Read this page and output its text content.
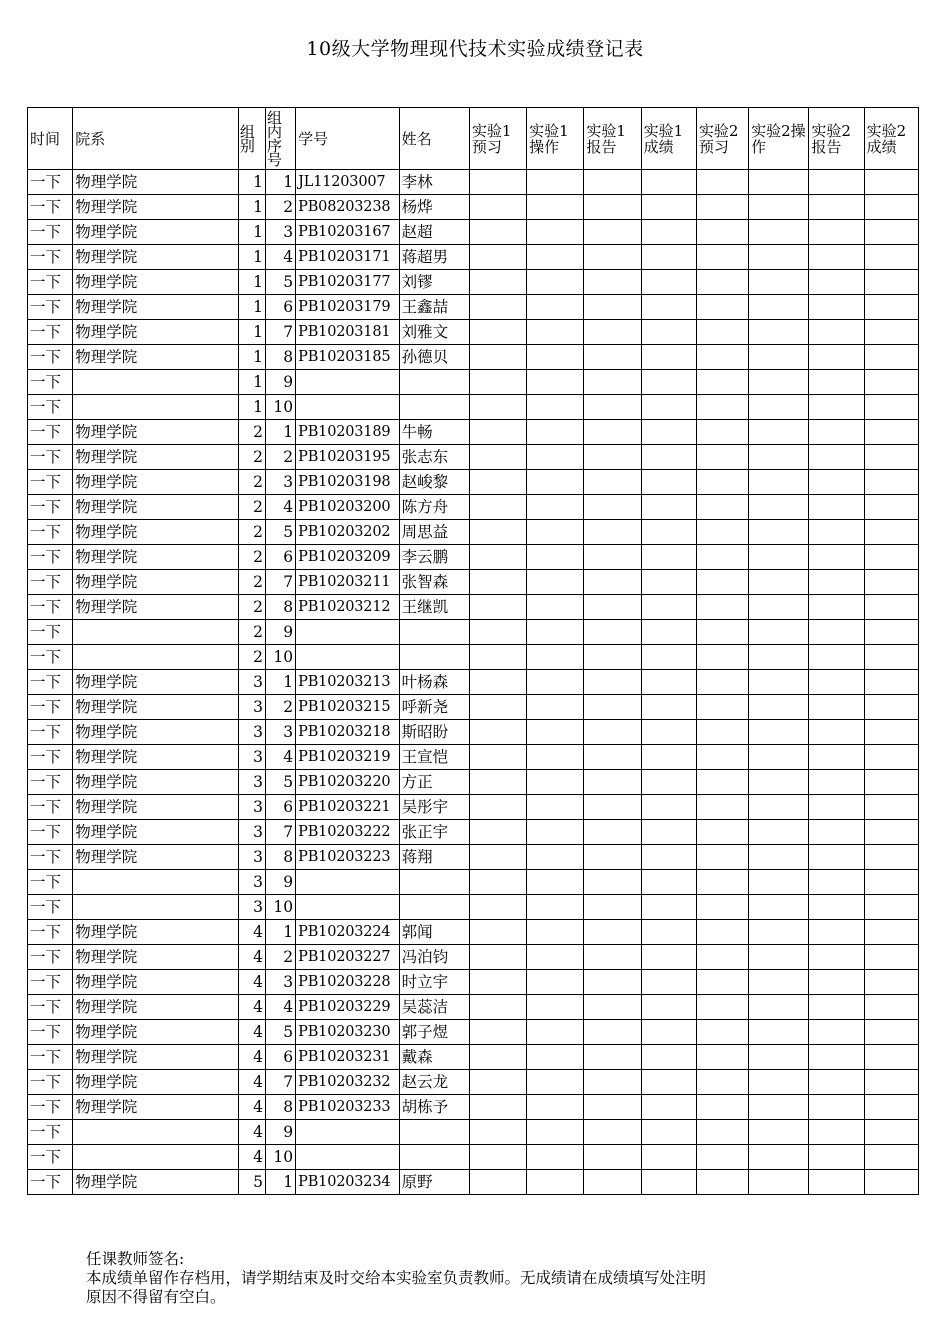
10级大学物理现代技术实验成绩登记表
时间	院系	组别	组内序号	学号	姓名	实验1预习	实验1操作	实验1报告	实验1成绩	实验2预习	实验2操作	实验2报告	实验2成绩
一下	物理学院	1	1	JL11203007	李林								
一下	物理学院	1	2	PB08203238	杨烨								
一下	物理学院	1	3	PB10203167	赵超								
一下	物理学院	1	4	PB10203171	蒋超男								
一下	物理学院	1	5	PB10203177	刘镠								
一下	物理学院	1	6	PB10203179	王鑫喆								
一下	物理学院	1	7	PB10203181	刘雅文								
一下	物理学院	1	8	PB10203185	孙德贝								
一下		1	9										
一下		1	10										
一下	物理学院	2	1	PB10203189	牛畅								
一下	物理学院	2	2	PB10203195	张志东								
一下	物理学院	2	3	PB10203198	赵峻黎								
一下	物理学院	2	4	PB10203200	陈方舟								
一下	物理学院	2	5	PB10203202	周思益								
一下	物理学院	2	6	PB10203209	李云鹏								
一下	物理学院	2	7	PB10203211	张智森								
一下	物理学院	2	8	PB10203212	王继凯								
一下		2	9										
一下		2	10										
一下	物理学院	3	1	PB10203213	叶杨森								
一下	物理学院	3	2	PB10203215	呼新尧								
一下	物理学院	3	3	PB10203218	斯昭盼								
一下	物理学院	3	4	PB10203219	王宣恺								
一下	物理学院	3	5	PB10203220	方正								
一下	物理学院	3	6	PB10203221	吴彤宇								
一下	物理学院	3	7	PB10203222	张正宇								
一下	物理学院	3	8	PB10203223	蒋翔								
一下		3	9										
一下		3	10										
一下	物理学院	4	1	PB10203224	郭闻								
一下	物理学院	4	2	PB10203227	冯泊钧								
一下	物理学院	4	3	PB10203228	时立宇								
一下	物理学院	4	4	PB10203229	吴蕊洁								
一下	物理学院	4	5	PB10203230	郭子煜								
一下	物理学院	4	6	PB10203231	戴森								
一下	物理学院	4	7	PB10203232	赵云龙								
一下	物理学院	4	8	PB10203233	胡栋予								
一下		4	9										
一下		4	10										
一下	物理学院	5	1	PB10203234	原野								
任课教师签名:
本成绩单留作存档用，请学期结束及时交给本实验室负责教师。无成绩请在成绩填写处注明
原因不得留有空白。
